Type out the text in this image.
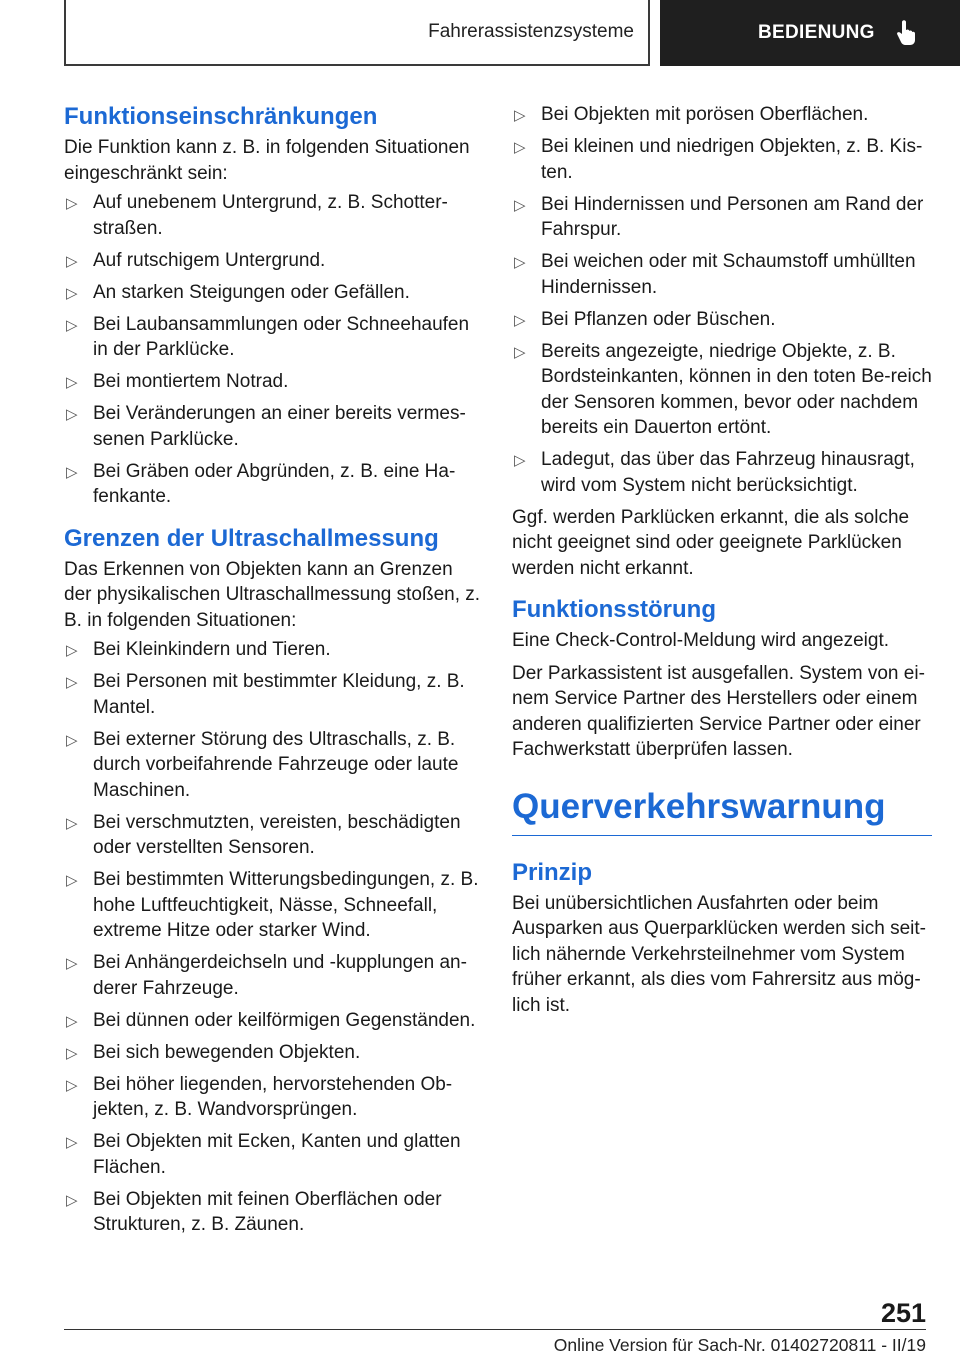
Fahrerassistenzsysteme	BEDIENUNG
Funktionseinschränkungen
Die Funktion kann z. B. in folgenden Situationen eingeschränkt sein:
▷ Auf unebenem Untergrund, z. B. Schotter-straßen.
▷ Auf rutschigem Untergrund.
▷ An starken Steigungen oder Gefällen.
▷ Bei Laubansammlungen oder Schneehaufen in der Parklücke.
▷ Bei montiertem Notrad.
▷ Bei Veränderungen an einer bereits vermes-senen Parklücke.
▷ Bei Gräben oder Abgründen, z. B. eine Ha-fenkante.
Grenzen der Ultraschallmessung
Das Erkennen von Objekten kann an Grenzen der physikalischen Ultraschallmessung stoßen, z. B. in folgenden Situationen:
▷ Bei Kleinkindern und Tieren.
▷ Bei Personen mit bestimmter Kleidung, z. B. Mantel.
▷ Bei externer Störung des Ultraschalls, z. B. durch vorbeifahrende Fahrzeuge oder laute Maschinen.
▷ Bei verschmutzten, vereisten, beschädigten oder verstellten Sensoren.
▷ Bei bestimmten Witterungsbedingungen, z. B. hohe Luftfeuchtigkeit, Nässe, Schneefall, extreme Hitze oder starker Wind.
▷ Bei Anhängerdeichseln und -kupplungen an-derer Fahrzeuge.
▷ Bei dünnen oder keilförmigen Gegenständen.
▷ Bei sich bewegenden Objekten.
▷ Bei höher liegenden, hervorstehenden Ob-jekten, z. B. Wandvorsprüngen.
▷ Bei Objekten mit Ecken, Kanten und glatten Flächen.
▷ Bei Objekten mit feinen Oberflächen oder Strukturen, z. B. Zäunen.
▷ Bei Objekten mit porösen Oberflächen.
▷ Bei kleinen und niedrigen Objekten, z. B. Kis-ten.
▷ Bei Hindernissen und Personen am Rand der Fahrspur.
▷ Bei weichen oder mit Schaumstoff umhüllten Hindernissen.
▷ Bei Pflanzen oder Büschen.
▷ Bereits angezeigte, niedrige Objekte, z. B. Bordsteinkanten, können in den toten Be-reich der Sensoren kommen, bevor oder nachdem bereits ein Dauerton ertönt.
▷ Ladegut, das über das Fahrzeug hinausragt, wird vom System nicht berücksichtigt.
Ggf. werden Parklücken erkannt, die als solche nicht geeignet sind oder geeignete Parklücken werden nicht erkannt.
Funktionsstörung
Eine Check-Control-Meldung wird angezeigt.
Der Parkassistent ist ausgefallen. System von ei-nem Service Partner des Herstellers oder einem anderen qualifizierten Service Partner oder einer Fachwerkstatt überprüfen lassen.
Querverkehrswarnung
Prinzip
Bei unübersichtlichen Ausfahrten oder beim Ausparken aus Querparklücken werden sich seit-lich nähernde Verkehrsteilnehmer vom System früher erkannt, als dies vom Fahrersitz aus mög-lich ist.
251
Online Version für Sach-Nr. 01402720811 - II/19
